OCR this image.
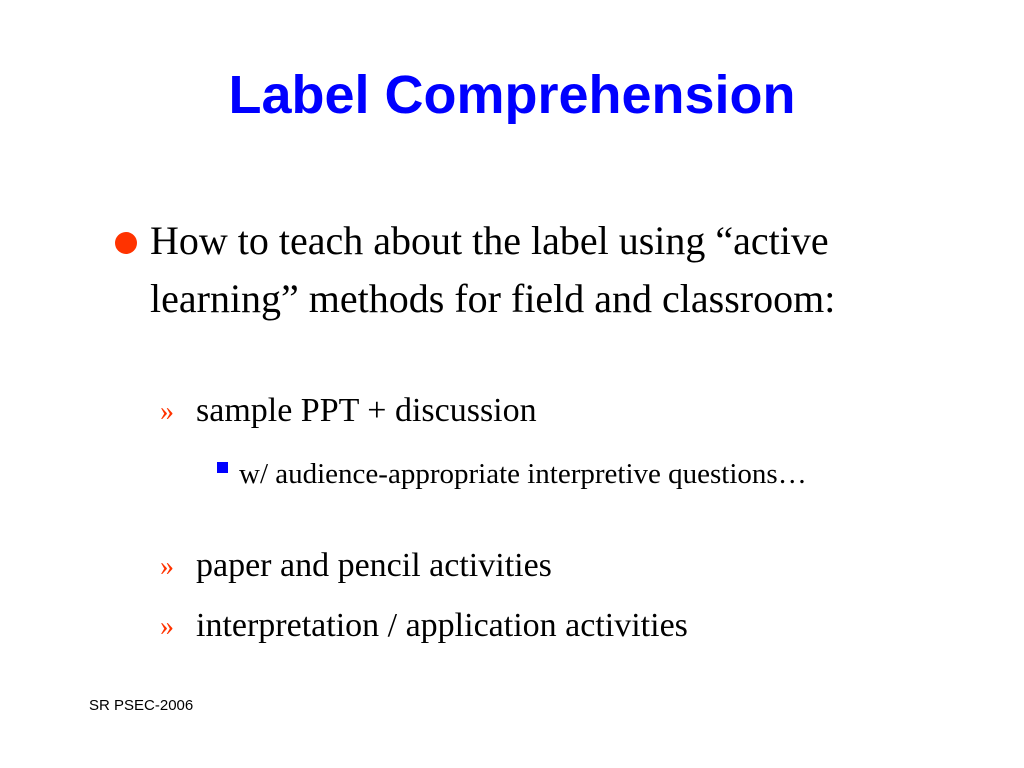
Label Comprehension
How to teach about the label using “active learning” methods for field and classroom:
» sample PPT + discussion
w/ audience-appropriate interpretive questions…
» paper and pencil activities
» interpretation / application activities
SR PSEC-2006
